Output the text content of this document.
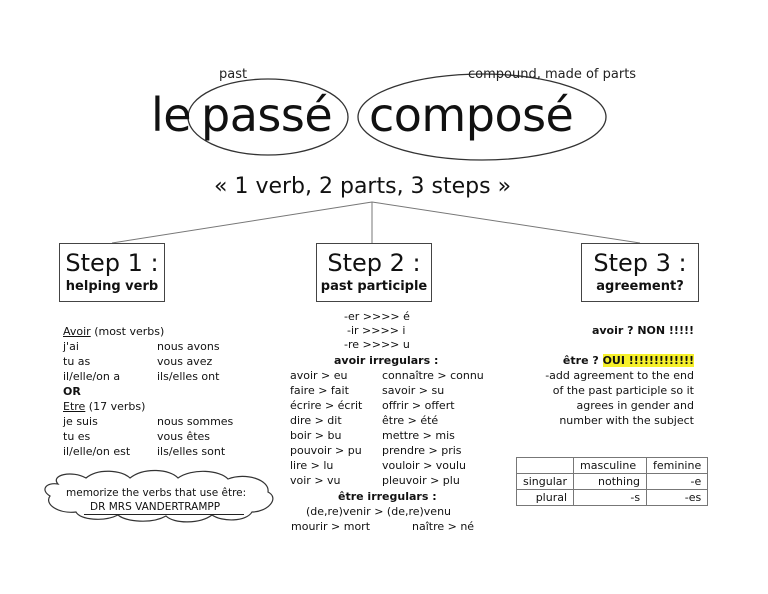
past	compound, made of parts
le passé composé
« 1 verb, 2 parts, 3 steps »
Step 1 :
helping verb
Step 2 :
past participle
Step 3 :
agreement?
Avoir (most verbs)
j'ai	nous avons
tu as	vous avez
il/elle/on a	ils/elles ont
OR
Etre (17 verbs)
je suis	nous sommes
tu es	vous êtes
il/elle/on est ils/elles sont
memorize the verbs that use être:
DR MRS VANDERTRAMPP
-er >>>> é
-ir >>>> i
-re >>>> u
avoir irregulars :
avoir > eu	connaître > connu
faire > fait	savoir > su
écrire > écrit offrir > offert
dire > dit	être > été
boir > bu	mettre > mis
pouvoir > pu prendre > pris
lire > lu	vouloir > voulu
voir > vu	pleuvoir > plu
être irregulars :
(de,re)venir > (de,re)venu
mourir > mort	naître > né
avoir ? NON !!!!!
être ? OUI !!!!!!!!!!!!!
-add agreement to the end
of the past participle so it
agrees in gender and
number with the subject
	masculine	feminine
singular	nothing	-e
plural	-s	-es
